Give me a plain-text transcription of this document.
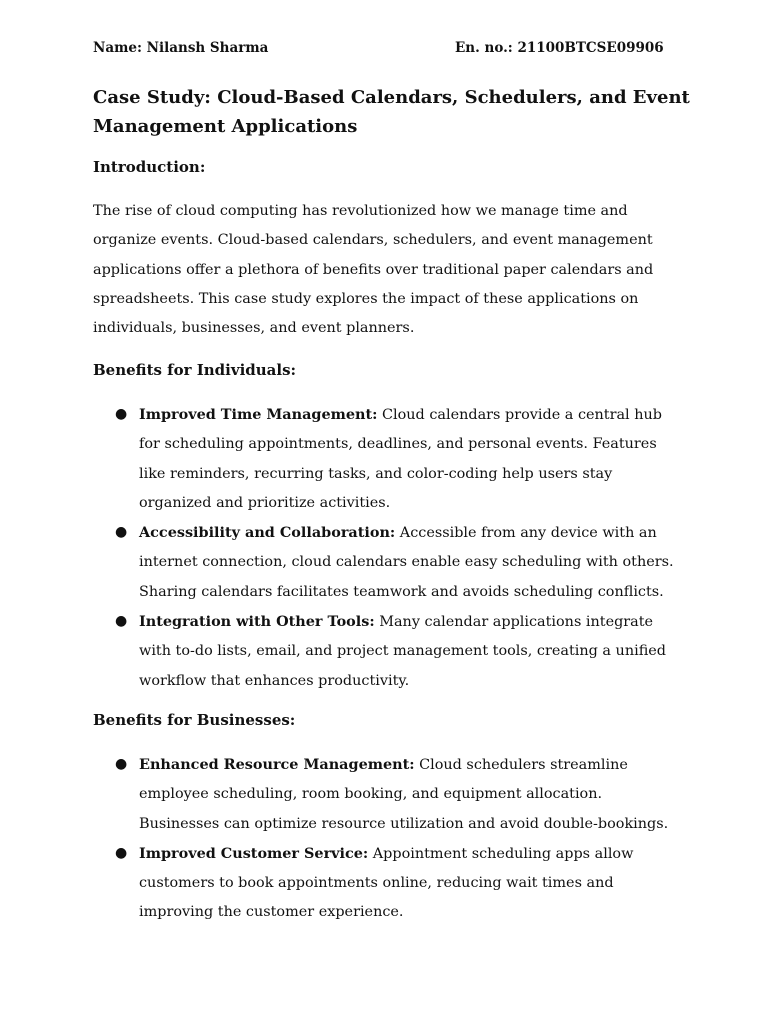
Name: Nilansh Sharma	En. no.: 21100BTCSE09906
Case Study: Cloud-Based Calendars, Schedulers, and Event Management Applications
Introduction:

The rise of cloud computing has revolutionized how we manage time and organize events. Cloud-based calendars, schedulers, and event management applications offer a plethora of benefits over traditional paper calendars and spreadsheets. This case study explores the impact of these applications on individuals, businesses, and event planners.

Benefits for Individuals:
● Improved Time Management: Cloud calendars provide a central hub for scheduling appointments, deadlines, and personal events. Features like reminders, recurring tasks, and color-coding help users stay organized and prioritize activities.
● Accessibility and Collaboration: Accessible from any device with an internet connection, cloud calendars enable easy scheduling with others. Sharing calendars facilitates teamwork and avoids scheduling conflicts.
● Integration with Other Tools: Many calendar applications integrate with to-do lists, email, and project management tools, creating a unified workflow that enhances productivity.
Benefits for Businesses:
● Enhanced Resource Management: Cloud schedulers streamline employee scheduling, room booking, and equipment allocation. Businesses can optimize resource utilization and avoid double-bookings.
● Improved Customer Service: Appointment scheduling apps allow customers to book appointments online, reducing wait times and improving the customer experience.
